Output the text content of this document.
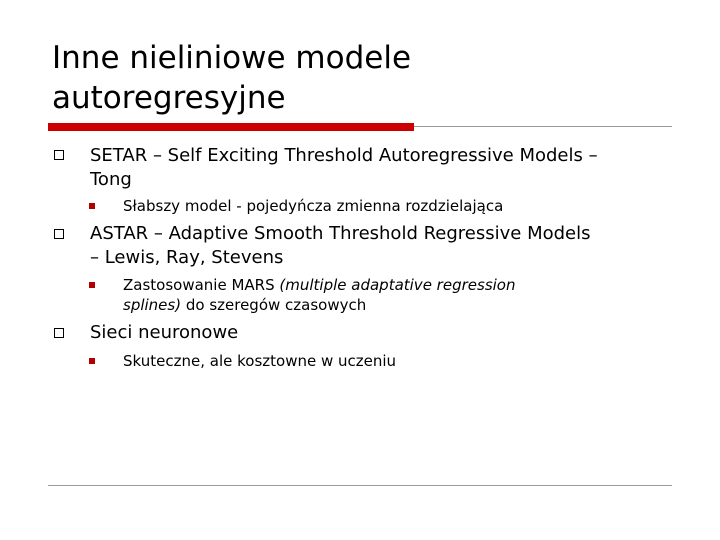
Inne nieliniowe modele
autoregresyjne
SETAR – Self Exciting Threshold Autoregressive Models –
Tong
Słabszy model - pojedyńcza zmienna rozdzielająca
ASTAR – Adaptive Smooth Threshold Regressive Models
– Lewis, Ray, Stevens
Zastosowanie MARS (multiple adaptative regression
splines) do szeregów czasowych
Sieci neuronowe
Skuteczne, ale kosztowne w uczeniu
